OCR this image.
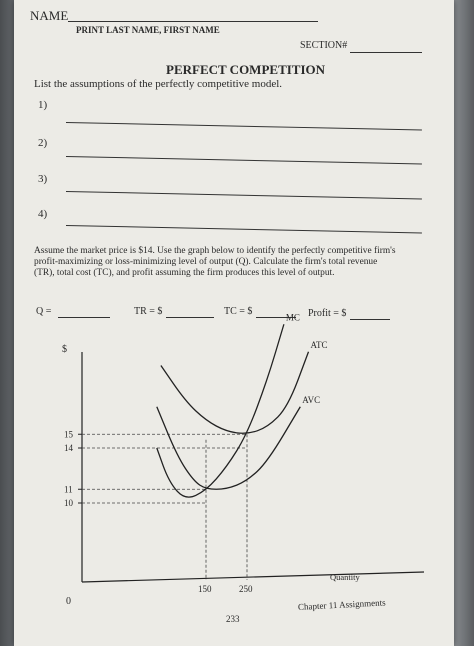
NAME
PRINT LAST NAME, FIRST NAME
SECTION#
PERFECT COMPETITION
List the assumptions of the perfectly competitive model.
1)
2)
3)
4)
Assume the market price is $14. Use the graph below to identify the perfectly competitive firm's
profit-maximizing or loss-minimizing level of output (Q). Calculate the firm's total revenue
(TR), total cost (TC), and profit assuming the firm produces this level of output.
Q =	TR = $	TC = $	Profit = $
$
0
Quantity
15
14
11
10
150	250
MC
ATC
AVC
233
Chapter 11 Assignments
